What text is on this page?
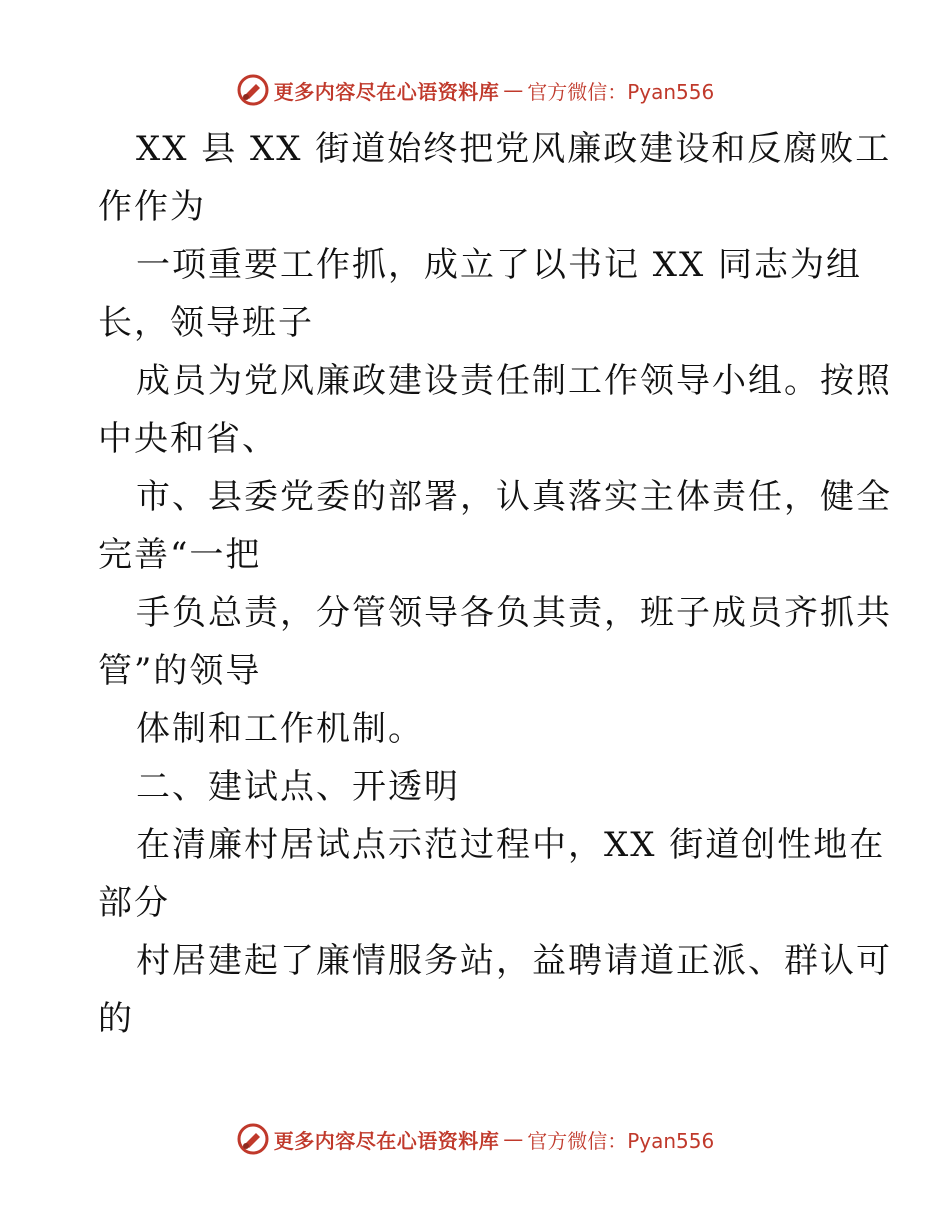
更多内容尽在心语资料库 — 官方微信：Pyan556
XX 县 XX 街道始终把党风廉政建设和反腐败工
作作为
一项重要工作抓，成立了以书记 XX 同志为组
长，领导班子
成员为党风廉政建设责任制工作领导小组。按照
中央和省、
市、县委党委的部署，认真落实主体责任，健全
完善“一把
手负总责，分管领导各负其责，班子成员齐抓共
管”的领导
体制和工作机制。
二、建试点、开透明
在清廉村居试点示范过程中，XX 街道创性地在
部分
村居建起了廉情服务站，益聘请道正派、群认可
的
更多内容尽在心语资料库 — 官方微信：Pyan556
